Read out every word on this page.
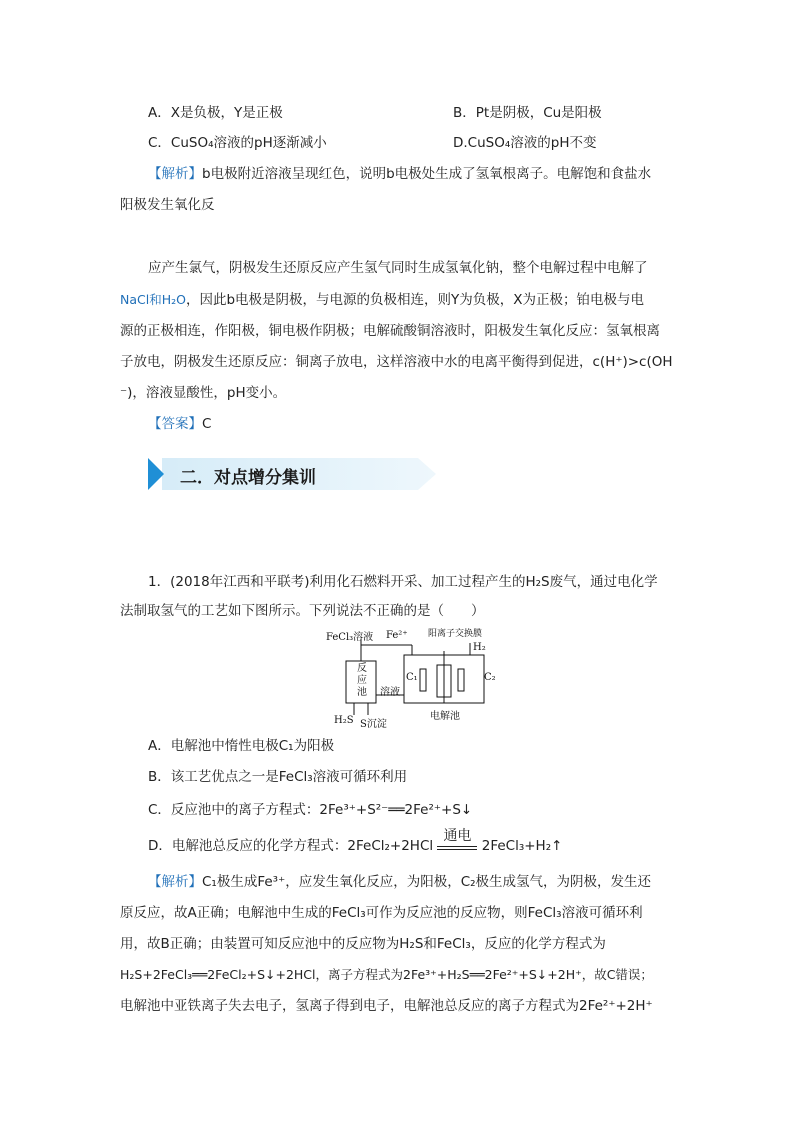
A．X是负极，Y是正极	B．Pt是阴极，Cu是阳极
C．CuSO₄溶液的pH逐渐减小	D.CuSO₄溶液的pH不变
【解析】b电极附近溶液呈现红色，说明b电极处生成了氢氧根离子。电解饱和食盐水
阳极发生氧化反
应产生氯气，阴极发生还原反应产生氢气同时生成氢氧化钠，整个电解过程中电解了
NaCl和H₂O，因此b电极是阴极，与电源的负极相连，则Y为负极，X为正极；铂电极与电
源的正极相连，作阳极，铜电极作阴极；电解硫酸铜溶液时，阳极发生氧化反应：氢氧根离
子放电，阴极发生还原反应：铜离子放电，这样溶液中水的电离平衡得到促进，c(H⁺)>c(OH
⁻)，溶液显酸性，pH变小。
【答案】C
二．对点增分集训
1．(2018年江西和平联考)利用化石燃料开采、加工过程产生的H₂S废气，通过电化学
法制取氢气的工艺如下图所示。下列说法不正确的是（　　）
FeCl₃溶液 Fe²⁺ 阳离子交换膜
H₂
反
应
池
C₁	C₂
溶液
H₂S S沉淀
电解池
A．电解池中惰性电极C₁为阳极
B．该工艺优点之一是FeCl₃溶液可循环利用
C．反应池中的离子方程式：2Fe³⁺+S²⁻══2Fe²⁺+S↓
D．电解池总反应的化学方程式：2FeCl₂+2HCl
通电
2FeCl₃+H₂↑
【解析】C₁极生成Fe³⁺，应发生氧化反应，为阳极，C₂极生成氢气，为阴极，发生还
原反应，故A正确；电解池中生成的FeCl₃可作为反应池的反应物，则FeCl₃溶液可循环利
用，故B正确；由装置可知反应池中的反应物为H₂S和FeCl₃，反应的化学方程式为
H₂S+2FeCl₃══2FeCl₂+S↓+2HCl，离子方程式为2Fe³⁺+H₂S══2Fe²⁺+S↓+2H⁺，故C错误；
电解池中亚铁离子失去电子，氢离子得到电子，电解池总反应的离子方程式为2Fe²⁺+2H⁺
